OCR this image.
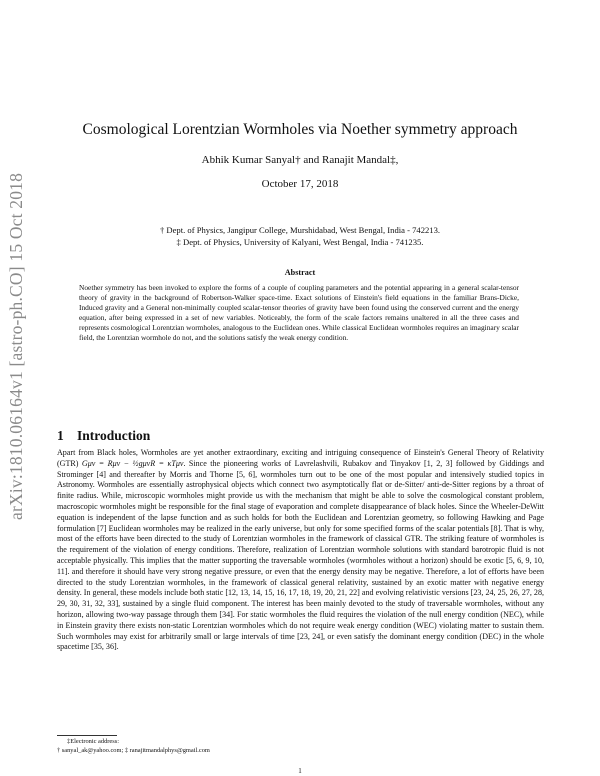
arXiv:1810.06164v1 [astro-ph.CO] 15 Oct 2018
Cosmological Lorentzian Wormholes via Noether symmetry approach
Abhik Kumar Sanyal† and Ranajit Mandal‡,
October 17, 2018
† Dept. of Physics, Jangipur College, Murshidabad, West Bengal, India - 742213.
‡ Dept. of Physics, University of Kalyani, West Bengal, India - 741235.
Abstract
Noether symmetry has been invoked to explore the forms of a couple of coupling parameters and the potential appearing in a general scalar-tensor theory of gravity in the background of Robertson-Walker space-time. Exact solutions of Einstein's field equations in the familiar Brans-Dicke, Induced gravity and a General non-minimally coupled scalar-tensor theories of gravity have been found using the conserved current and the energy equation, after being expressed in a set of new variables. Noticeably, the form of the scale factors remains unaltered in all the three cases and represents cosmological Lorentzian wormholes, analogous to the Euclidean ones. While classical Euclidean wormholes requires an imaginary scalar field, the Lorentzian wormhole do not, and the solutions satisfy the weak energy condition.
1 Introduction
Apart from Black holes, Wormholes are yet another extraordinary, exciting and intriguing consequence of Einstein's General Theory of Relativity (GTR) Gμν = Rμν − ½gμνR = κTμν. Since the pioneering works of Lavrelashvili, Rubakov and Tinyakov [1, 2, 3] followed by Giddings and Strominger [4] and thereafter by Morris and Thorne [5, 6], wormholes turn out to be one of the most popular and intensively studied topics in Astronomy. Wormholes are essentially astrophysical objects which connect two asymptotically flat or de-Sitter/ anti-de-Sitter regions by a throat of finite radius. While, microscopic wormholes might provide us with the mechanism that might be able to solve the cosmological constant problem, macroscopic wormholes might be responsible for the final stage of evaporation and complete disappearance of black holes. Since the Wheeler-DeWitt equation is independent of the lapse function and as such holds for both the Euclidean and Lorentzian geometry, so following Hawking and Page formulation [7] Euclidean wormholes may be realized in the early universe, but only for some specified forms of the scalar potentials [8]. That is why, most of the efforts have been directed to the study of Lorentzian wormholes in the framework of classical GTR. The striking feature of wormholes is the requirement of the violation of energy conditions. Therefore, realization of Lorentzian wormhole solutions with standard barotropic fluid is not acceptable physically. This implies that the matter supporting the traversable wormholes (wormholes without a horizon) should be exotic [5, 6, 9, 10, 11]. and therefore it should have very strong negative pressure, or even that the energy density may be negative. Therefore, a lot of efforts have been directed to the study Lorentzian wormholes, in the framework of classical general relativity, sustained by an exotic matter with negative energy density. In general, these models include both static [12, 13, 14, 15, 16, 17, 18, 19, 20, 21, 22] and evolving relativistic versions [23, 24, 25, 26, 27, 28, 29, 30, 31, 32, 33], sustained by a single fluid component. The interest has been mainly devoted to the study of traversable wormholes, without any horizon, allowing two-way passage through them [34]. For static wormholes the fluid requires the violation of the null energy condition (NEC), while in Einstein gravity there exists non-static Lorentzian wormholes which do not require weak energy condition (WEC) violating matter to sustain them. Such wormholes may exist for arbitrarily small or large intervals of time [23, 24], or even satisfy the dominant energy condition (DEC) in the whole spacetime [35, 36].
‡Electronic address:
† sanyal_ak@yahoo.com; ‡ ranajitmandalphys@gmail.com
1
